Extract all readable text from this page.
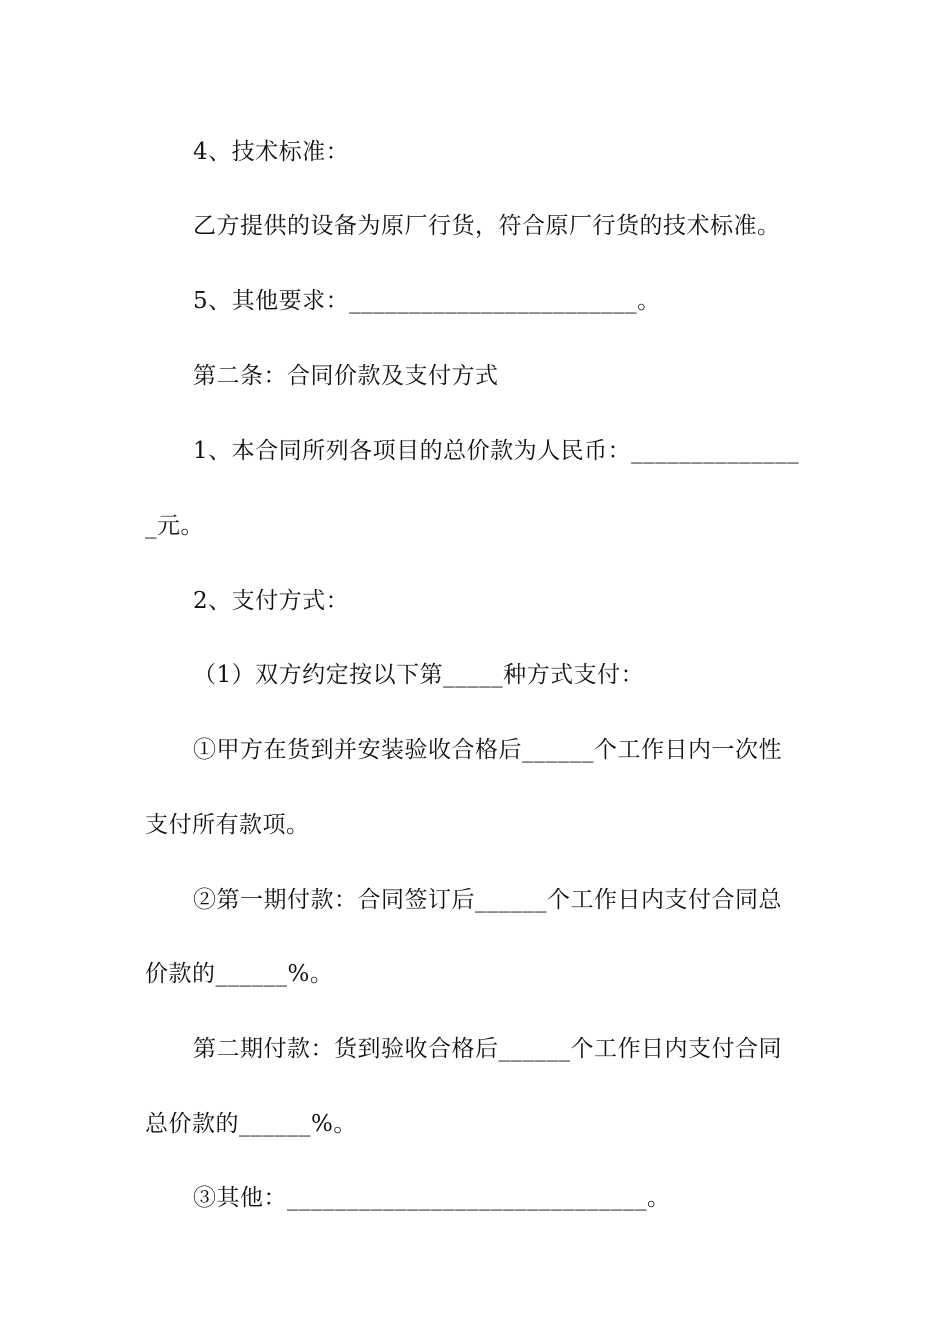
4、技术标准：
乙方提供的设备为原厂行货，符合原厂行货的技术标准。
5、其他要求：________________________。
第二条：合同价款及支付方式
1、本合同所列各项目的总价款为人民币：______________
_元。
2、支付方式：
（1）双方约定按以下第_____种方式支付：
①甲方在货到并安装验收合格后______个工作日内一次性
支付所有款项。
②第一期付款：合同签订后______个工作日内支付合同总
价款的______%。
第二期付款：货到验收合格后______个工作日内支付合同
总价款的______%。
③其他：______________________________。
